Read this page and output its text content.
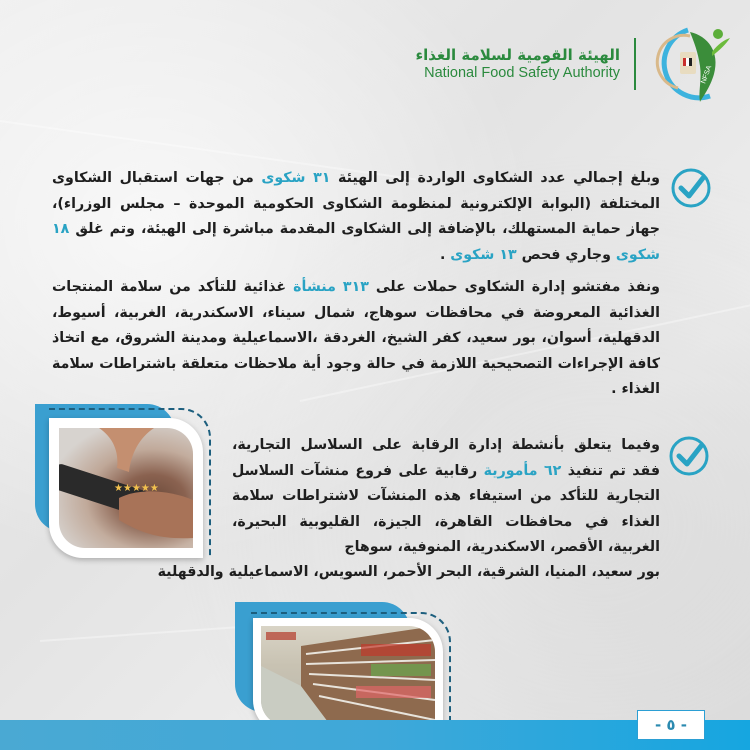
الهيئة القومية لسلامة الغذاء
National Food Safety Authority	NFSA
وبلغ إجمالي عدد الشكاوى الواردة إلى الهيئة ٣١ شكوى من جهات استقبال الشكاوى المختلفة (البوابة الإلكترونية لمنظومة الشكاوى الحكومية الموحدة – مجلس الوزراء)، جهاز حماية المستهلك، بالإضافة إلى الشكاوى المقدمة مباشرة إلى الهيئة، وتم غلق ١٨ شكوى وجاري فحص ١٣ شكوى .
ونفذ مفتشو إدارة الشكاوى حملات على ٣١٣ منشأة غذائية للتأكد من سلامة المنتجات الغذائية المعروضة في محافظات سوهاج، شمال سيناء، الاسكندرية، الغربية، أسيوط، الدقهلية، أسوان، بور سعيد، كفر الشيخ، الغردقة ،الاسماعيلية ومدينة الشروق، مع اتخاذ كافة الإجراءات التصحيحية اللازمة في حالة وجود أية ملاحظات متعلقة باشتراطات سلامة الغذاء .
★★★★★
وفيما يتعلق بأنشطة إدارة الرقابة على السلاسل التجارية، فقد تم تنفيذ ٦٢ مأمورية رقابية على فروع منشآت السلاسل التجارية للتأكد من استيفاء هذه المنشآت لاشتراطات سلامة الغذاء في محافظات القاهرة، الجيزة، القليوبية البحيرة، الغربية، الأقصر، الاسكندرية، المنوفية، سوهاج
بور سعيد، المنيا، الشرقية، البحر الأحمر، السويس، الاسماعيلية والدقهلية
- ٥ -
